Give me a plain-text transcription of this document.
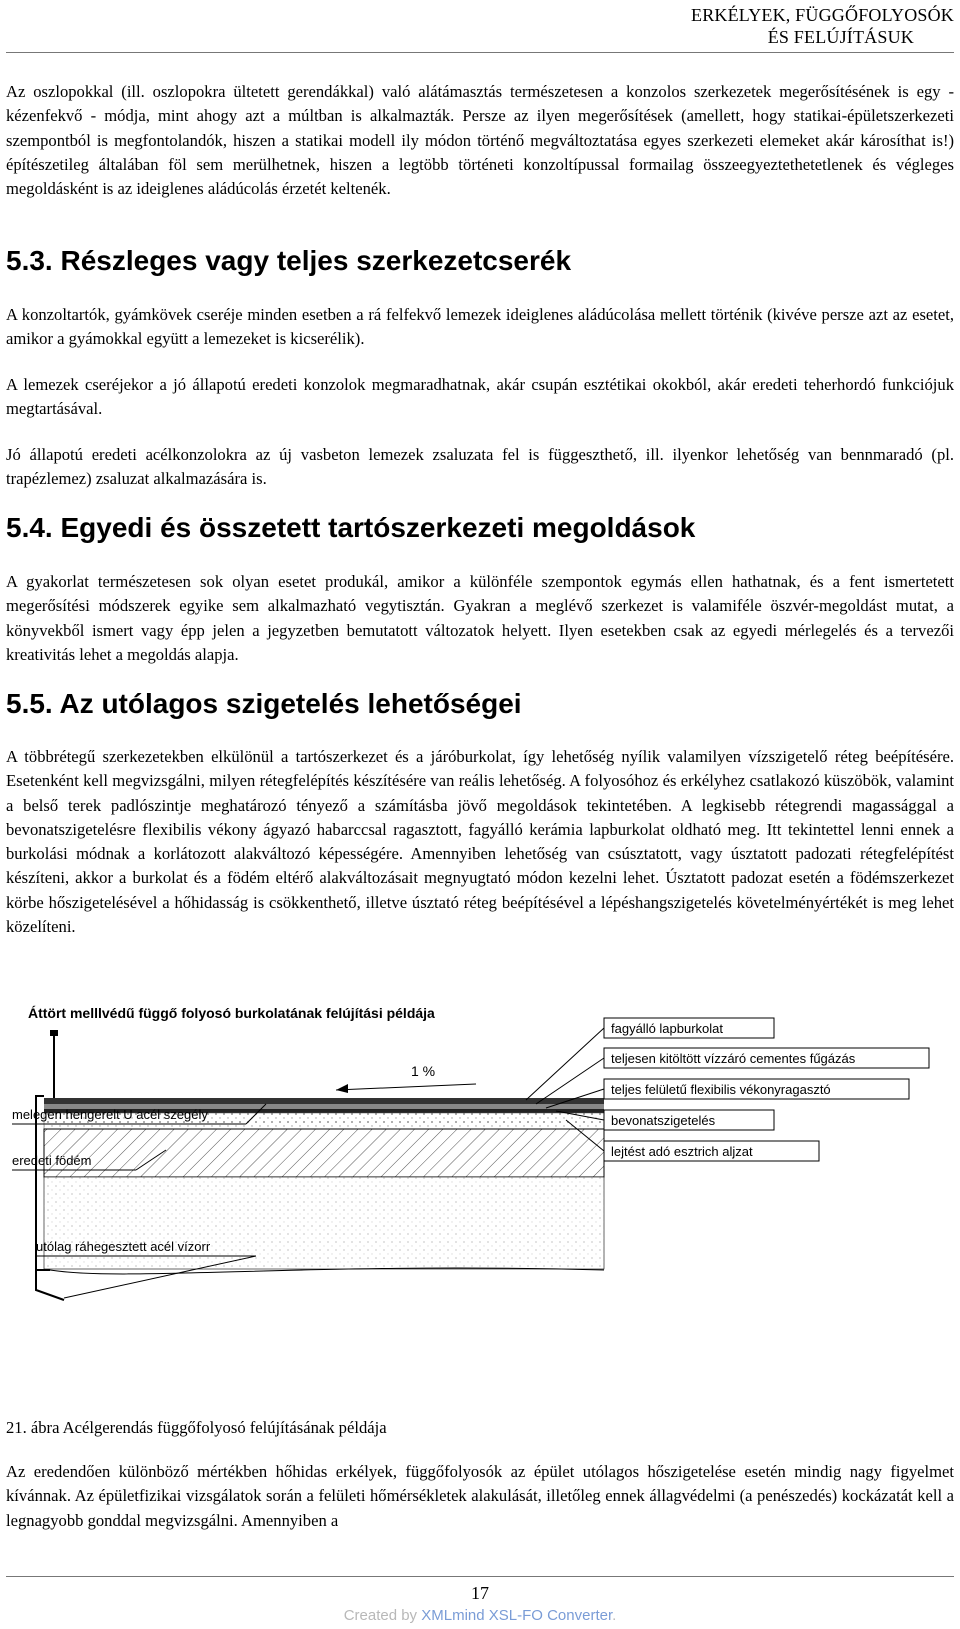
ERKÉLYEK, FÜGGŐFOLYOSÓK
ÉS FELÚJÍTÁSUK

Az oszlopokkal (ill. oszlopokra ültetett gerendákkal) való alátámasztás természetesen a konzolos szerkezetek megerősítésének is egy - kézenfekvő - módja, mint ahogy azt a múltban is alkalmazták. Persze az ilyen megerősítések (amellett, hogy statikai-épületszerkezeti szempontból is megfontolandók, hiszen a statikai modell ily módon történő megváltoztatása egyes szerkezeti elemeket akár károsíthat is!) építészetileg általában föl sem merülhetnek, hiszen a legtöbb történeti konzoltípussal formailag összeegyeztethetetlenek és végleges megoldásként is az ideiglenes aládúcolás érzetét keltenék.

5.3. Részleges vagy teljes szerkezetcserék

A konzoltartók, gyámkövek cseréje minden esetben a rá felfekvő lemezek ideiglenes aládúcolása mellett történik (kivéve persze azt az esetet, amikor a gyámokkal együtt a lemezeket is kicserélik).

A lemezek cseréjekor a jó állapotú eredeti konzolok megmaradhatnak, akár csupán esztétikai okokból, akár eredeti teherhordó funkciójuk megtartásával.

Jó állapotú eredeti acélkonzolokra az új vasbeton lemezek zsaluzata fel is függeszthető, ill. ilyenkor lehetőség van bennmaradó (pl. trapézlemez) zsaluzat alkalmazására is.

5.4. Egyedi és összetett tartószerkezeti megoldások

A gyakorlat természetesen sok olyan esetet produkál, amikor a különféle szempontok egymás ellen hathatnak, és a fent ismertetett megerősítési módszerek egyike sem alkalmazható vegytisztán. Gyakran a meglévő szerkezet is valamiféle öszvér-megoldást mutat, a könyvekből ismert vagy épp jelen a jegyzetben bemutatott változatok helyett. Ilyen esetekben csak az egyedi mérlegelés és a tervezői kreativitás lehet a megoldás alapja.

5.5. Az utólagos szigetelés lehetőségei

A többrétegű szerkezetekben elkülönül a tartószerkezet és a járóburkolat, így lehetőség nyílik valamilyen vízszigetelő réteg beépítésére. Esetenként kell megvizsgálni, milyen rétegfelépítés készítésére van reális lehetőség. A folyosóhoz és erkélyhez csatlakozó küszöbök, valamint a belső terek padlószintje meghatározó tényező a számításba jövő megoldások tekintetében. A legkisebb rétegrendi magassággal a bevonatszigetelésre flexibilis vékony ágyazó habarccsal ragasztott, fagyálló kerámia lapburkolat oldható meg. Itt tekintettel lenni ennek a burkolási módnak a korlátozott alakváltozó képességére. Amennyiben lehetőség van csúsztatott, vagy úsztatott padozati rétegfelépítést készíteni, akkor a burkolat és a födém eltérő alakváltozásait megnyugtató módon kezelni lehet. Úsztatott padozat esetén a födémszerkezet körbe hőszigetelésével a hőhidasság is csökkenthető, illetve úsztató réteg beépítésével a lépéshangszigetelés követelményértékét is meg lehet közelíteni.

Áttört melllvédű függő folyosó burkolatának felújítási példája
1 %
fagyálló lapburkolat
teljesen kitöltött vízzáró cementes fűgázás
teljes felületű flexibilis vékonyragasztó
bevonatszigetelés
lejtést adó esztrich aljzat
melegen hengerelt U acél szegély
eredeti födém
utólag ráhegesztett acél vízorr
21. ábra Acélgerendás függőfolyosó felújításának példája

Az eredendően különböző mértékben hőhidas erkélyek, függőfolyosók az épület utólagos hőszigetelése esetén mindig nagy figyelmet kívánnak. Az épületfizikai vizsgálatok során a felületi hőmérsékletek alakulását, illetőleg ennek állagvédelmi (a penészedés) kockázatát kell a legnagyobb gonddal megvizsgálni. Amennyiben a

17
Created by XMLmind XSL-FO Converter.
